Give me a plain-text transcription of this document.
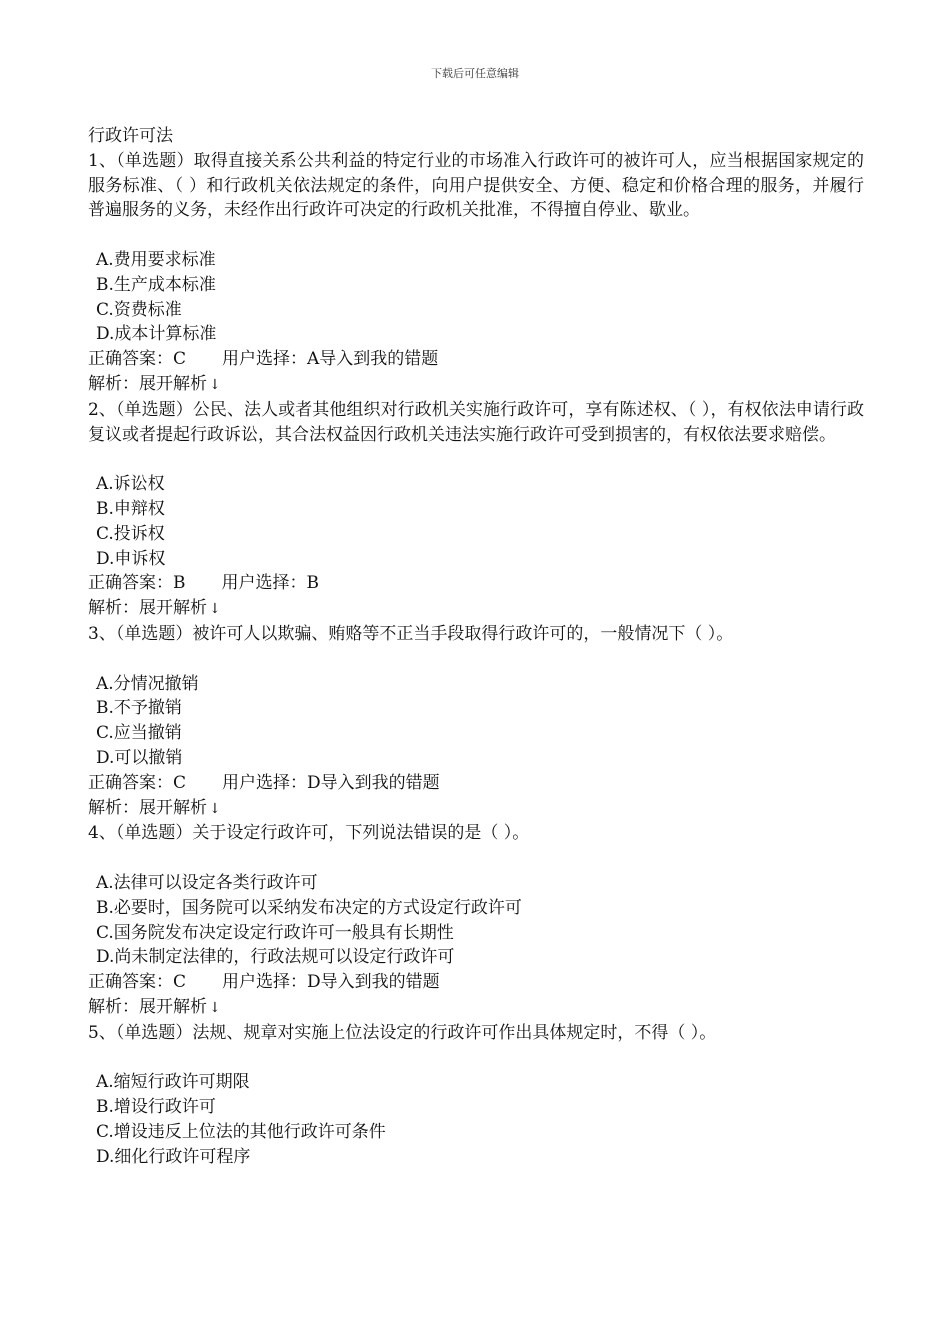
下载后可任意编辑

行政许可法

1、（单选题）取得直接关系公共利益的特定行业的市场准入行政许可的被许可人，应当根据国家规定的服务标准、（ ）和行政机关依法规定的条件，向用户提供安全、方便、稳定和价格合理的服务，并履行普遍服务的义务，未经作出行政许可决定的行政机关批准，不得擅自停业、歇业。

A.费用要求标准

B.生产成本标准

C.资费标准

D.成本计算标准

正确答案：C 用户选择：A导入到我的错题

解析：展开解析 ↓

2、（单选题）公民、法人或者其他组织对行政机关实施行政许可，享有陈述权、（ ），有权依法申请行政复议或者提起行政诉讼，其合法权益因行政机关违法实施行政许可受到损害的，有权依法要求赔偿。

A.诉讼权

B.申辩权

C.投诉权

D.申诉权

正确答案：B 用户选择：B

解析：展开解析 ↓

3、（单选题）被许可人以欺骗、贿赂等不正当手段取得行政许可的，一般情况下（ ）。

A.分情况撤销

B.不予撤销

C.应当撤销

D.可以撤销

正确答案：C 用户选择：D导入到我的错题

解析：展开解析 ↓

4、（单选题）关于设定行政许可，下列说法错误的是（ ）。

A.法律可以设定各类行政许可

B.必要时，国务院可以采纳发布决定的方式设定行政许可

C.国务院发布决定设定行政许可一般具有长期性

D.尚未制定法律的，行政法规可以设定行政许可

正确答案：C 用户选择：D导入到我的错题

解析：展开解析 ↓

5、（单选题）法规、规章对实施上位法设定的行政许可作出具体规定时，不得（ ）。

A.缩短行政许可期限

B.增设行政许可

C.增设违反上位法的其他行政许可条件

D.细化行政许可程序
